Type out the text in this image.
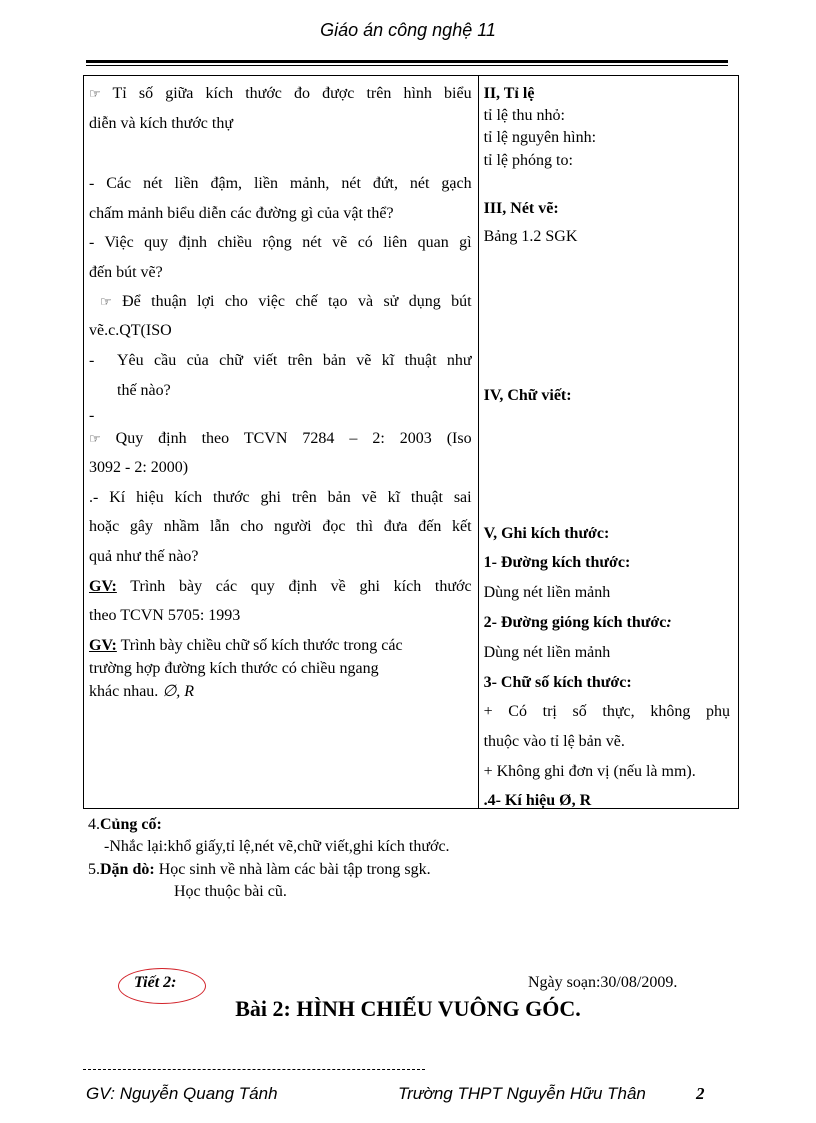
Giáo án công nghệ 11
☞ Tỉ số giữa kích thước đo được trên hình biểu
diễn và kích thước thự
- Các nét liền đậm, liền mảnh, nét đứt, nét gạch
chấm mảnh biểu diễn các đường gì của vật thể?
- Việc quy định chiều rộng nét vẽ có liên quan gì
đến bút vẽ?
☞ Để thuận lợi cho việc chế tạo và sử dụng bút
vẽ.c.QT(ISO
-	Yêu cầu của chữ viết trên bản vẽ kĩ thuật như
thế nào?
-
☞ Quy định theo TCVN 7284 – 2: 2003 (Iso
3092 - 2: 2000)
.- Kí hiệu kích thước ghi trên bản vẽ kĩ thuật sai
hoặc gây nhầm lẫn cho người đọc thì đưa đến kết
quả như thế nào?
GV: Trình bày các quy định về ghi kích thước
theo TCVN 5705: 1993
GV: Trình bày chiều chữ số kích thước trong các
trường hợp đường kích thước có chiều ngang
khác nhau. ∅, R

II, Tỉ lệ
tỉ lệ thu nhỏ:
tỉ lệ nguyên hình:
tỉ lệ phóng to:
III, Nét vẽ:
Bảng 1.2 SGK
IV, Chữ viết:
V, Ghi kích thước:
1- Đường kích thước:
Dùng nét liền mảnh
2- Đường gióng kích thước:
Dùng nét liền mảnh
3- Chữ số kích thước:
+ Có trị số thực, không phụ
thuộc vào tỉ lệ bản vẽ.
+ Không ghi đơn vị (nếu là mm).
.4- Kí hiệu Ø, R
4.Củng cố:
-Nhắc lại:khổ giấy,tỉ lệ,nét vẽ,chữ viết,ghi kích thước.
5.Dặn dò: Học sinh về nhà làm các bài tập trong sgk.
Học thuộc bài cũ.
Tiết 2:	Ngày soạn:30/08/2009.
Bài 2: HÌNH CHIẾU VUÔNG GÓC.
GV: Nguyễn Quang Tánh	Trường THPT Nguyễn Hữu Thân	2
